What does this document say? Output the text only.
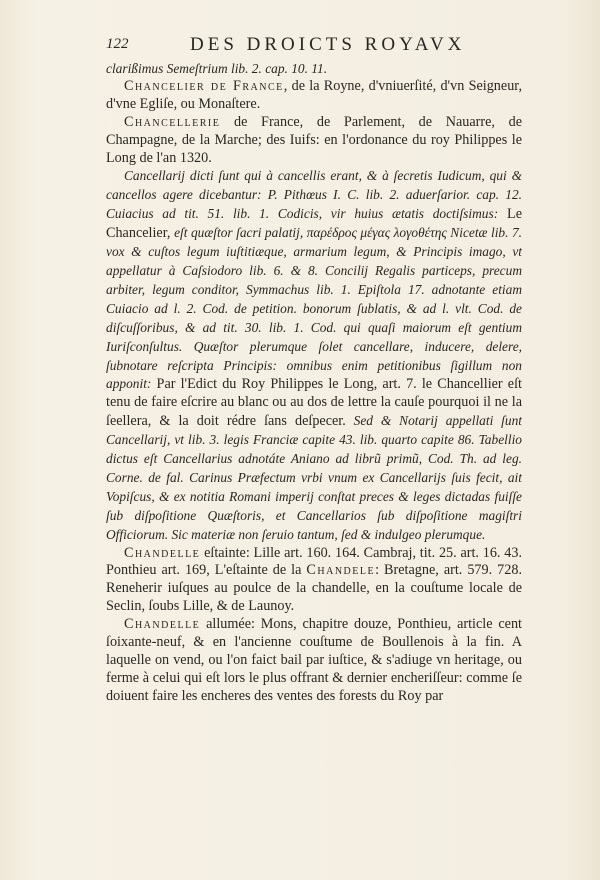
122	DES DROICTS ROYAVX

clarißimus Semeſtrium lib. 2. cap. 10. 11.

Chancelier de France, de la Royne, d'vniuerſité, d'vn Seigneur, d'vne Egliſe, ou Monaſtere.

Chancellerie de France, de Parlement, de Nauarre, de Champagne, de la Marche; des Iuifs: en l'ordonance du roy Philippes le Long de l'an 1320.

Cancellarij dicti ſunt qui à cancellis erant, & à ſecretis Iudicum, qui & cancellos agere dicebantur: P. Pithœus I. C. lib. 2. aduerſarior. cap. 12. Cuiacius ad tit. 51. lib. 1. Codicis, vir huius ætatis doctiſsimus: Le Chancelier, eſt quæſtor ſacri palatij, παρέδρος μέγας λογοθέτης Nicetæ lib. 7. vox & cuſtos legum iuſtitiæque, armarium legum, & Principis imago, vt appellatur à Caſsiodoro lib. 6. & 8. Concilij Regalis particeps, precum arbiter, legum conditor, Symmachus lib. 1. Epiſtola 17. adnotante etiam Cuiacio ad l. 2. Cod. de petition. bonorum ſublatis, & ad l. vlt. Cod. de diſcuſſoribus, & ad tit. 30. lib. 1. Cod. qui quaſi maiorum eſt gentium Iuriſconſultus. Quæſtor plerumque ſolet cancellare, inducere, delere, ſubnotare reſcripta Principis: omnibus enim petitionibus ſigillum non apponit: Par l'Edict du Roy Philippes le Long, art. 7. le Chancellier eſt tenu de faire eſcrire au blanc ou au dos de lettre la cauſe pourquoi il ne la ſeellera, & la doit rédre ſans deſpecer. Sed & Notarij appellati ſunt Cancellarij, vt lib. 3. legis Franciæ capite 43. lib. quarto capite 86. Tabellio dictus eſt Cancellarius adnotáte Aniano ad librũ primũ, Cod. Th. ad leg. Corne. de fal. Carinus Præfectum vrbi vnum ex Cancellarijs ſuis fecit, ait Vopiſcus, & ex notitia Romani imperij conſtat preces & leges dictadas fuiſſe ſub diſpoſitione Quæſtoris, et Cancellarios ſub diſpoſitione magiſtri Officiorum. Sic materiæ non ſeruio tantum, ſed & indulgeo plerumque.

Chandelle eſtainte: Lille art. 160. 164. Cambraj, tit. 25. art. 16. 43. Ponthieu art. 169, L'eſtainte de la Chandele: Bretagne, art. 579. 728. Reneherir iuſques au poulce de la chandelle, en la couſtume locale de Seclin, ſoubs Lille, & de Launoy.

Chandelle allumée: Mons, chapitre douze, Ponthieu, article cent ſoixante-neuf, & en l'ancienne couſtume de Boullenois à la fin. A laquelle on vend, ou l'on faict bail par iuſtice, & s'adiuge vn heritage, ou ferme à celui qui eſt lors le plus offrant & dernier encheriſſeur: comme ſe doiuent faire les encheres des ventes des forests du Roy par
